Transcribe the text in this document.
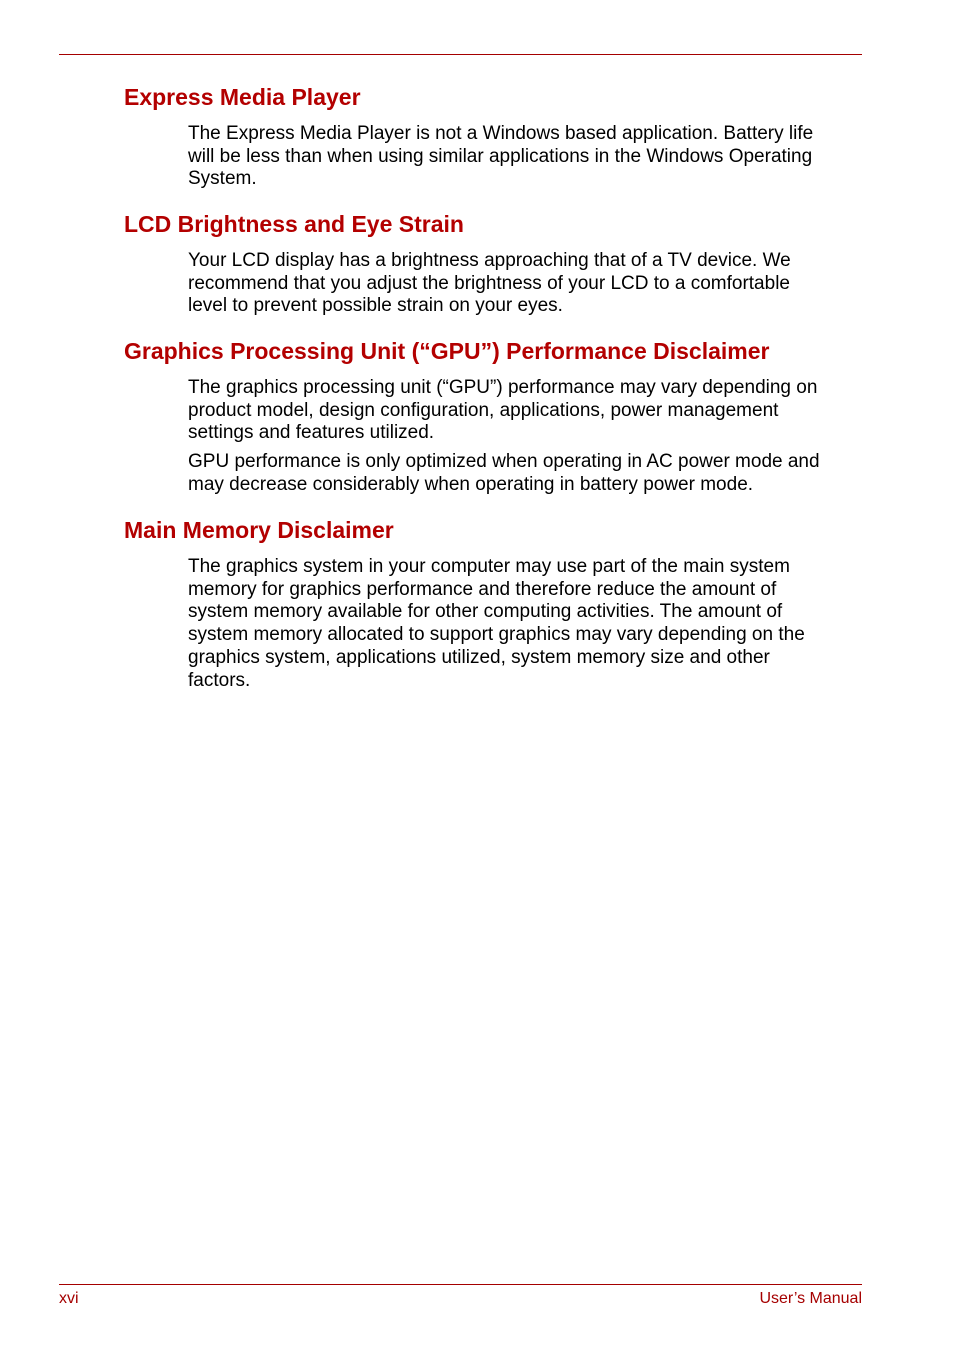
Express Media Player

The Express Media Player is not a Windows based application. Battery life
will be less than when using similar applications in the Windows Operating
System.

LCD Brightness and Eye Strain

Your LCD display has a brightness approaching that of a TV device. We
recommend that you adjust the brightness of your LCD to a comfortable
level to prevent possible strain on your eyes.

Graphics Processing Unit (“GPU”) Performance Disclaimer

The graphics processing unit (“GPU”) performance may vary depending on
product model, design configuration, applications, power management
settings and features utilized.

GPU performance is only optimized when operating in AC power mode and
may decrease considerably when operating in battery power mode.

Main Memory Disclaimer

The graphics system in your computer may use part of the main system
memory for graphics performance and therefore reduce the amount of
system memory available for other computing activities. The amount of
system memory allocated to support graphics may vary depending on the
graphics system, applications utilized, system memory size and other
factors.

xvi	User’s Manual
